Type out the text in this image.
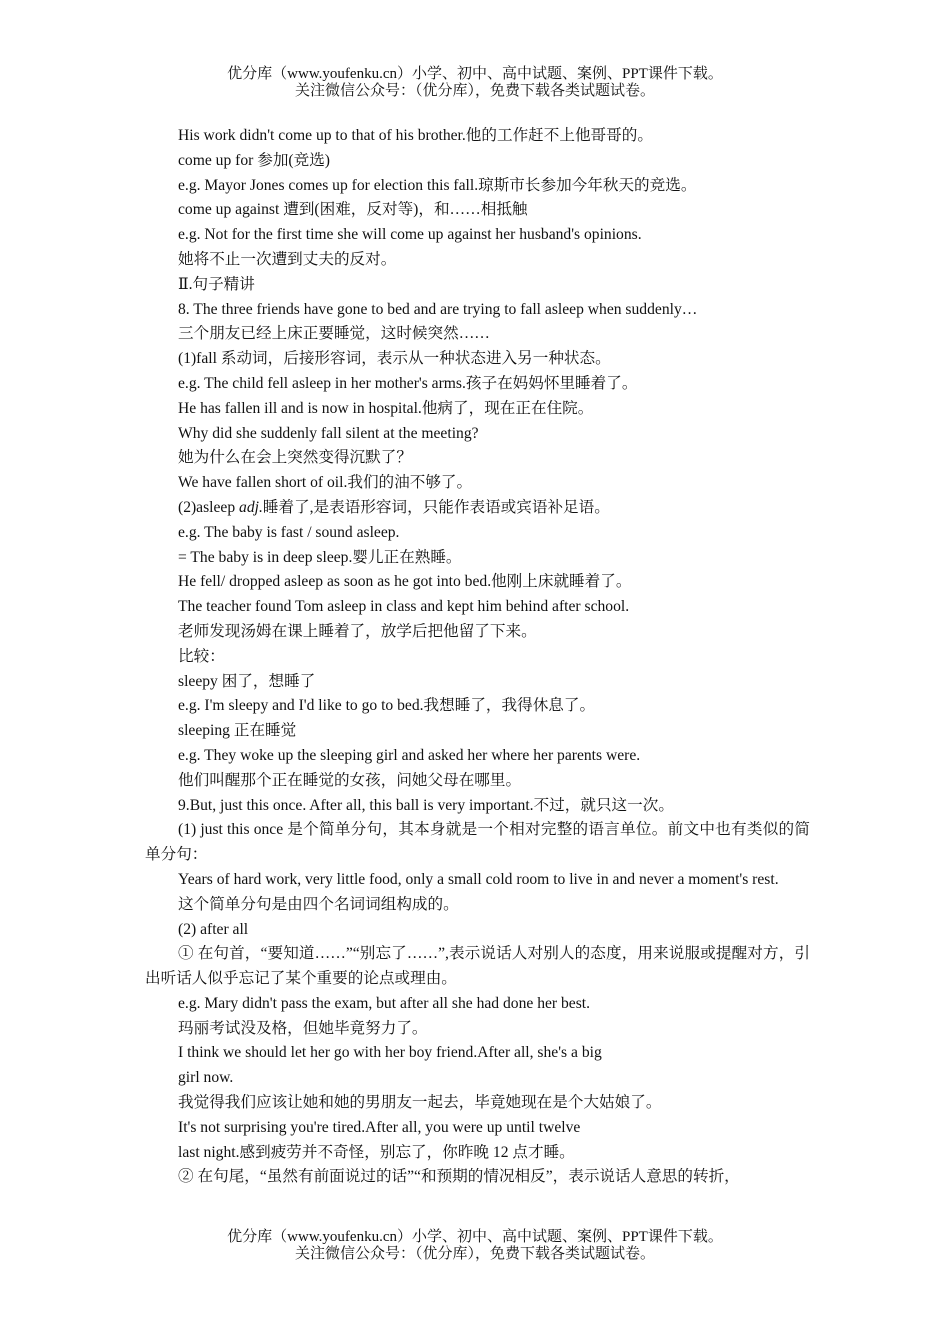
优分库（www.youfenku.cn）小学、初中、高中试题、案例、PPT课件下载。
关注微信公众号：（优分库），免费下载各类试题试卷。

His work didn't come up to that of his brother.他的工作赶不上他哥哥的。

come up for 参加(竞选)

e.g. Mayor Jones comes up for election this fall.琼斯市长参加今年秋天的竞选。

come up against 遭到(困难，反对等)，和……相抵触

e.g. Not for the first time she will come up against her husband's opinions.

她将不止一次遭到丈夫的反对。

Ⅱ.句子精讲

8. The three friends have gone to bed and are trying to fall asleep when suddenly…

三个朋友已经上床正要睡觉，这时候突然……

(1)fall 系动词，后接形容词，表示从一种状态进入另一种状态。

e.g. The child fell asleep in her mother's arms.孩子在妈妈怀里睡着了。

He has fallen ill and is now in hospital.他病了，现在正在住院。

Why did she suddenly fall silent at the meeting?

她为什么在会上突然变得沉默了？

We have fallen short of oil.我们的油不够了。

(2)asleep adj.睡着了,是表语形容词，只能作表语或宾语补足语。

e.g. The baby is fast / sound asleep.

= The baby is in deep sleep.婴儿正在熟睡。

He fell/ dropped asleep as soon as he got into bed.他刚上床就睡着了。

The teacher found Tom asleep in class and kept him behind after school.

老师发现汤姆在课上睡着了，放学后把他留了下来。

比较：

sleepy 困了，想睡了

e.g. I'm sleepy and I'd like to go to bed.我想睡了，我得休息了。

sleeping 正在睡觉

e.g. They woke up the sleeping girl and asked her where her parents were.

他们叫醒那个正在睡觉的女孩，问她父母在哪里。

9.But, just this once. After all, this ball is very important.不过，就只这一次。

(1) just this once 是个简单分句，其本身就是一个相对完整的语言单位。前文中也有类似的简单分句：

Years of hard work, very little food, only a small cold room to live in and never a moment's rest.

这个简单分句是由四个名词词组构成的。

(2) after all

① 在句首，“要知道……”“别忘了……”,表示说话人对别人的态度，用来说服或提醒对方，引出听话人似乎忘记了某个重要的论点或理由。

e.g. Mary didn't pass the exam, but after all she had done her best.

玛丽考试没及格，但她毕竟努力了。

I think we should let her go with her boy friend.After all, she's a big

girl now.

我觉得我们应该让她和她的男朋友一起去，毕竟她现在是个大姑娘了。

It's not surprising you're tired.After all, you were up until twelve

last night.感到疲劳并不奇怪，别忘了，你昨晚 12 点才睡。

② 在句尾，“虽然有前面说过的话”“和预期的情况相反”，表示说话人意思的转折，

优分库（www.youfenku.cn）小学、初中、高中试题、案例、PPT课件下载。
关注微信公众号：（优分库），免费下载各类试题试卷。
